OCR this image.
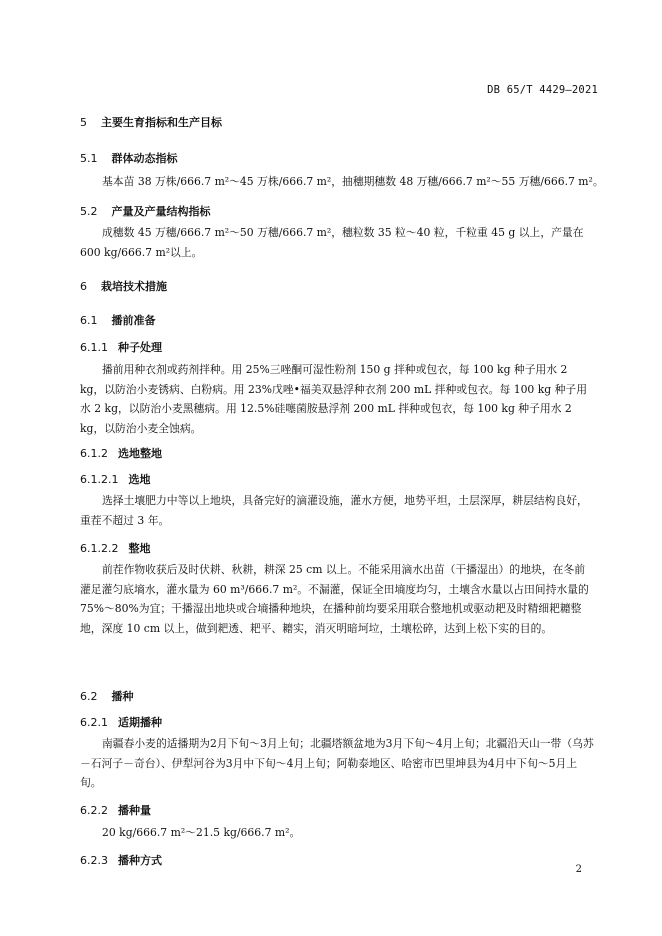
DB 65/T 4429—2021
5 主要生育指标和生产目标
5.1 群体动态指标
基本苗 38 万株/666.7 m²～45 万株/666.7 m²，抽穗期穗数 48 万穗/666.7 m²～55 万穗/666.7 m²。
5.2 产量及产量结构指标
成穗数 45 万穗/666.7 m²～50 万穗/666.7 m²，穗粒数 35 粒～40 粒，千粒重 45 g 以上，产量在 600 kg/666.7 m²以上。
6 栽培技术措施
6.1 播前准备
6.1.1 种子处理
播前用种衣剂或药剂拌种。用 25%三唑酮可湿性粉剂 150 g 拌种或包衣，每 100 kg 种子用水 2 kg，以防治小麦锈病、白粉病。用 23%戊唑•福美双悬浮种衣剂 200 mL 拌种或包衣。每 100 kg 种子用水 2 kg，以防治小麦黑穗病。用 12.5%硅噻菌胺悬浮剂 200 mL 拌种或包衣，每 100 kg 种子用水 2 kg，以防治小麦全蚀病。
6.1.2 选地整地
6.1.2.1 选地
选择土壤肥力中等以上地块，具备完好的滴灌设施，灌水方便，地势平坦，土层深厚，耕层结构良好，重茬不超过 3 年。
6.1.2.2 整地
前茬作物收获后及时伏耕、秋耕，耕深 25 cm 以上。不能采用滴水出苗（干播湿出）的地块，在冬前灌足灌匀底墒水，灌水量为 60 m³/666.7 m²。不漏灌，保证全田墒度均匀，土壤含水量以占田间持水量的 75%～80%为宜；干播湿出地块或合墒播种地块，在播种前均要采用联合整地机或驱动耙及时精细耙耱整地，深度 10 cm 以上，做到耙透、耙平、耱实，消灭明暗坷垃，土壤松碎，达到上松下实的目的。
6.2 播种
6.2.1 适期播种
南疆春小麦的适播期为2月下旬～3月上旬；北疆塔额盆地为3月下旬～4月上旬；北疆沿天山一带（乌苏－石河子－奇台）、伊犁河谷为3月中下旬～4月上旬；阿勒泰地区、哈密市巴里坤县为4月中下旬～5月上旬。
6.2.2 播种量
20 kg/666.7 m²～21.5 kg/666.7 m²。
6.2.3 播种方式
2
